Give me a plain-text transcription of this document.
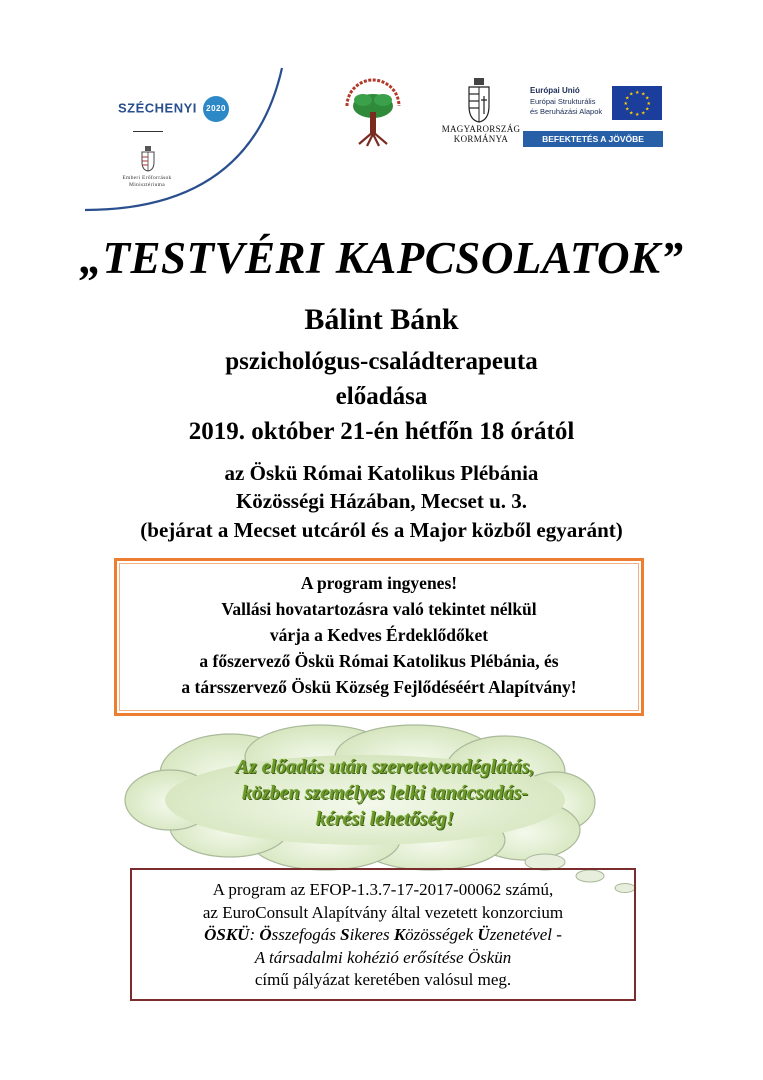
SZÉCHENYI 2020
Emberi Erőforrások Minisztériuma
MAGYARORSZÁG
KORMÁNYA
Európai Unió
Európai Strukturális
és Beruházási Alapok
★ ★
★
★
★
★
★
★
★
★
★
★
BEFEKTETÉS A JÖVŐBE
„TESTVÉRI KAPCSOLATOK”
Bálint Bánk
pszichológus-családterapeuta
előadása
2019. október 21-én hétfőn 18 órától
az Öskü Római Katolikus Plébánia
Közösségi Házában, Mecset u. 3.
(bejárat a Mecset utcáról és a Major közből egyaránt)
A program ingyenes!
Vallási hovatartozásra való tekintet nélkül
várja a Kedves Érdeklődőket
a főszervező Öskü Római Katolikus Plébánia, és
a társszervező Öskü Község Fejlődéséért Alapítvány!
Az előadás után szeretetvendéglátás,
közben személyes lelki tanácsadás-
kérési lehetőség!
A program az EFOP-1.3.7-17-2017-00062 számú,
az EuroConsult Alapítvány által vezetett konzorcium
ÖSKÜ: Összefogás Sikeres Közösségek Üzenetével -
A társadalmi kohézió erősítése Öskün
című pályázat keretében valósul meg.
